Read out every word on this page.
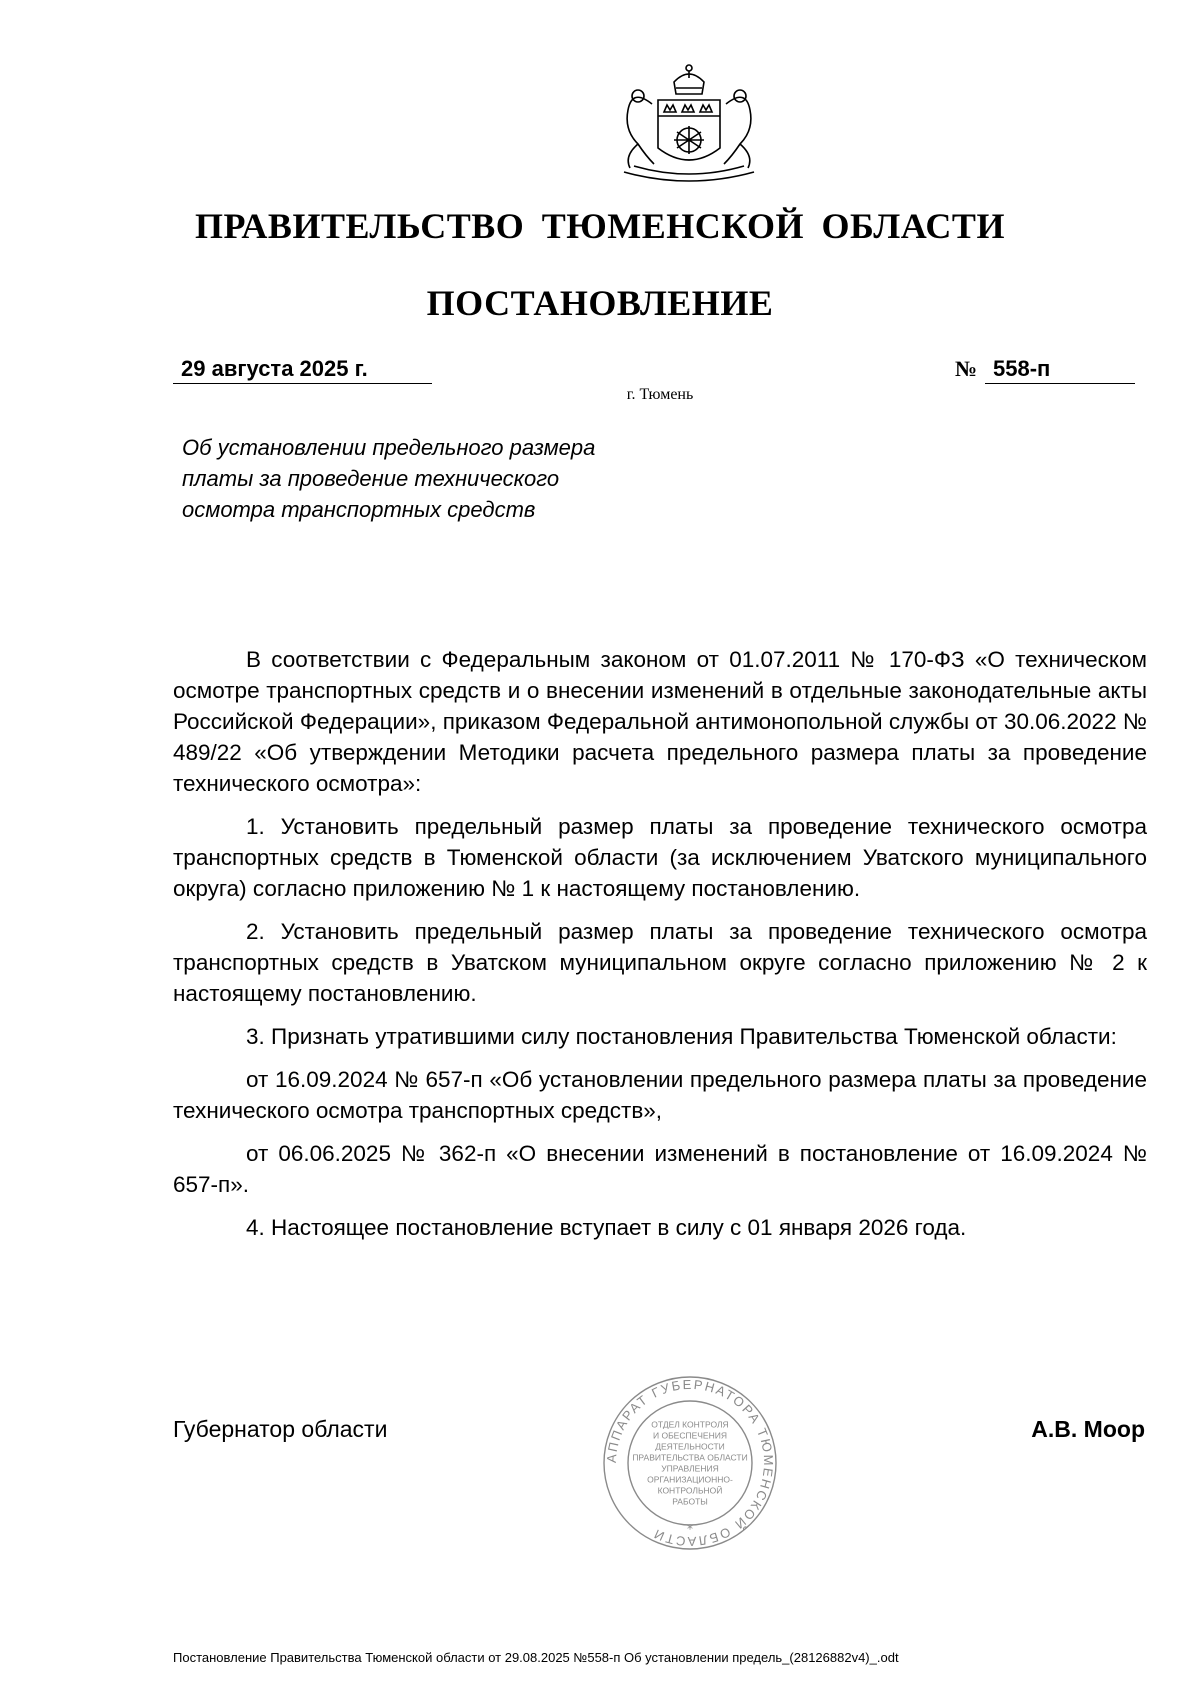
ПРАВИТЕЛЬСТВО ТЮМЕНСКОЙ ОБЛАСТИ
ПОСТАНОВЛЕНИЕ
29 августа 2025 г.	№ 558-п
г. Тюмень
Об установлении предельного размера платы за проведение технического осмотра транспортных средств

В соответствии с Федеральным законом от 01.07.2011 № 170-ФЗ «О техническом осмотре транспортных средств и о внесении изменений в отдельные законодательные акты Российской Федерации», приказом Федеральной антимонопольной службы от 30.06.2022 № 489/22 «Об утверждении Методики расчета предельного размера платы за проведение технического осмотра»:

1. Установить предельный размер платы за проведение технического осмотра транспортных средств в Тюменской области (за исключением Уватского муниципального округа) согласно приложению № 1 к настоящему постановлению.

2. Установить предельный размер платы за проведение технического осмотра транспортных средств в Уватском муниципальном округе согласно приложению № 2 к настоящему постановлению.

3. Признать утратившими силу постановления Правительства Тюменской области:

от 16.09.2024 № 657-п «Об установлении предельного размера платы за проведение технического осмотра транспортных средств»,

от 06.06.2025 № 362-п «О внесении изменений в постановление от 16.09.2024 № 657-п».

4. Настоящее постановление вступает в силу с 01 января 2026 года.

Губернатор области
АППАРАТ ГУБЕРНАТОРА ТЮМЕНСКОЙ ОБЛАСТИ
ОТДЕЛ КОНТРОЛЯ
И ОБЕСПЕЧЕНИЯ
ДЕЯТЕЛЬНОСТИ
ПРАВИТЕЛЬСТВА ОБЛАСТИ
УПРАВЛЕНИЯ
ОРГАНИЗАЦИОННО-
КОНТРОЛЬНОЙ
РАБОТЫ
*
А.В. Моор
Постановление Правительства Тюменской области от 29.08.2025 №558-п Об установлении предель_(28126882v4)_.odt
